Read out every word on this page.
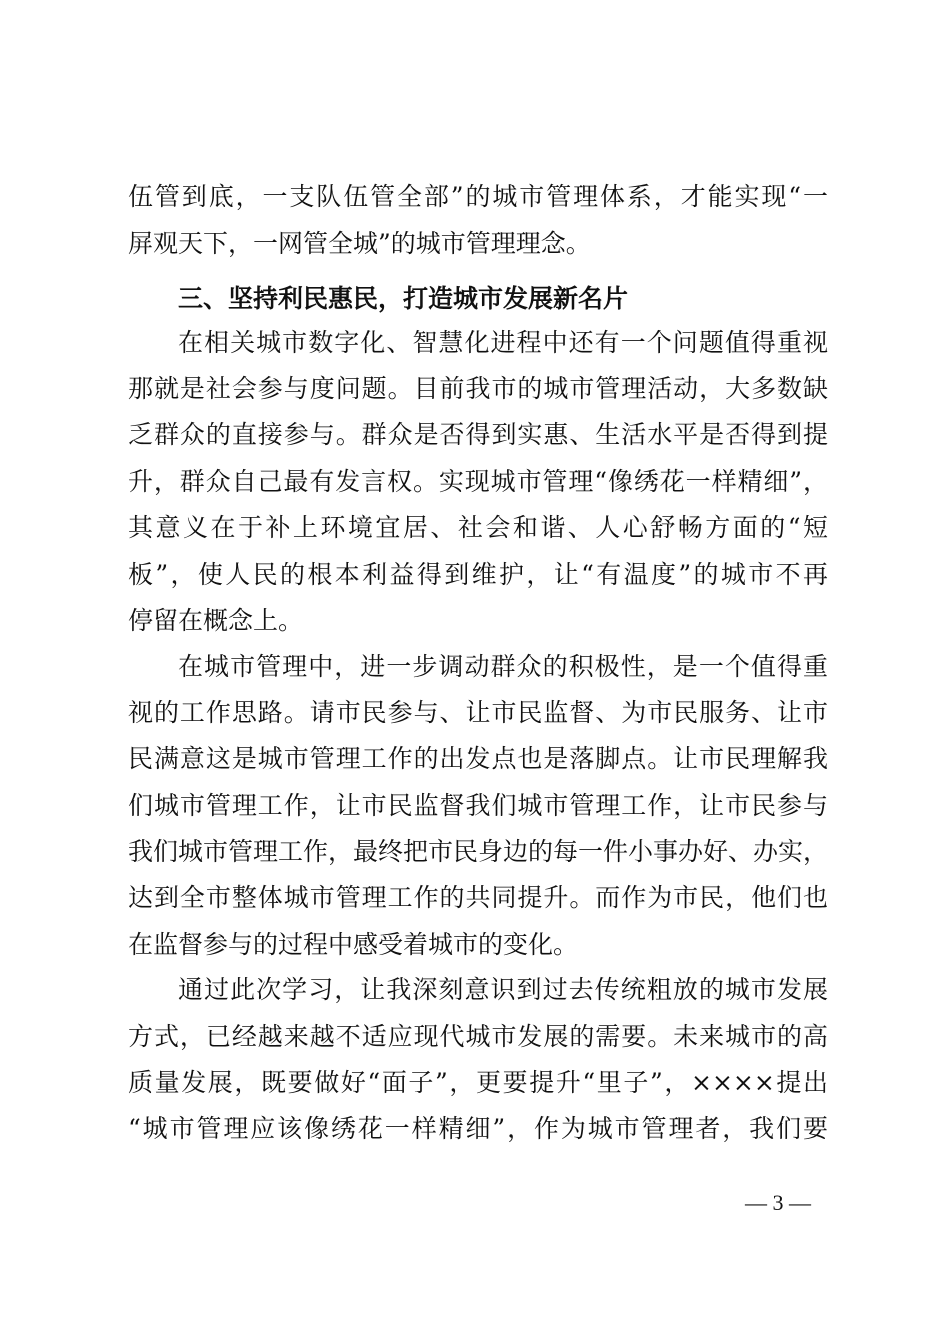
伍管到底，一支队伍管全部”的城市管理体系，才能实现“一
屏观天下，一网管全城”的城市管理理念。
三、坚持利民惠民，打造城市发展新名片
在相关城市数字化、智慧化进程中还有一个问题值得重视
那就是社会参与度问题。目前我市的城市管理活动，大多数缺
乏群众的直接参与。群众是否得到实惠、生活水平是否得到提
升，群众自己最有发言权。实现城市管理“像绣花一样精细”，
其意义在于补上环境宜居、社会和谐、人心舒畅方面的“短
板”，使人民的根本利益得到维护，让“有温度”的城市不再
停留在概念上。
在城市管理中，进一步调动群众的积极性，是一个值得重
视的工作思路。请市民参与、让市民监督、为市民服务、让市
民满意这是城市管理工作的出发点也是落脚点。让市民理解我
们城市管理工作，让市民监督我们城市管理工作，让市民参与
我们城市管理工作，最终把市民身边的每一件小事办好、办实，
达到全市整体城市管理工作的共同提升。而作为市民，他们也
在监督参与的过程中感受着城市的变化。
通过此次学习，让我深刻意识到过去传统粗放的城市发展
方式，已经越来越不适应现代城市发展的需要。未来城市的高
质量发展，既要做好“面子”，更要提升“里子”，××××提出
“城市管理应该像绣花一样精细”，作为城市管理者，我们要
— 3 —
